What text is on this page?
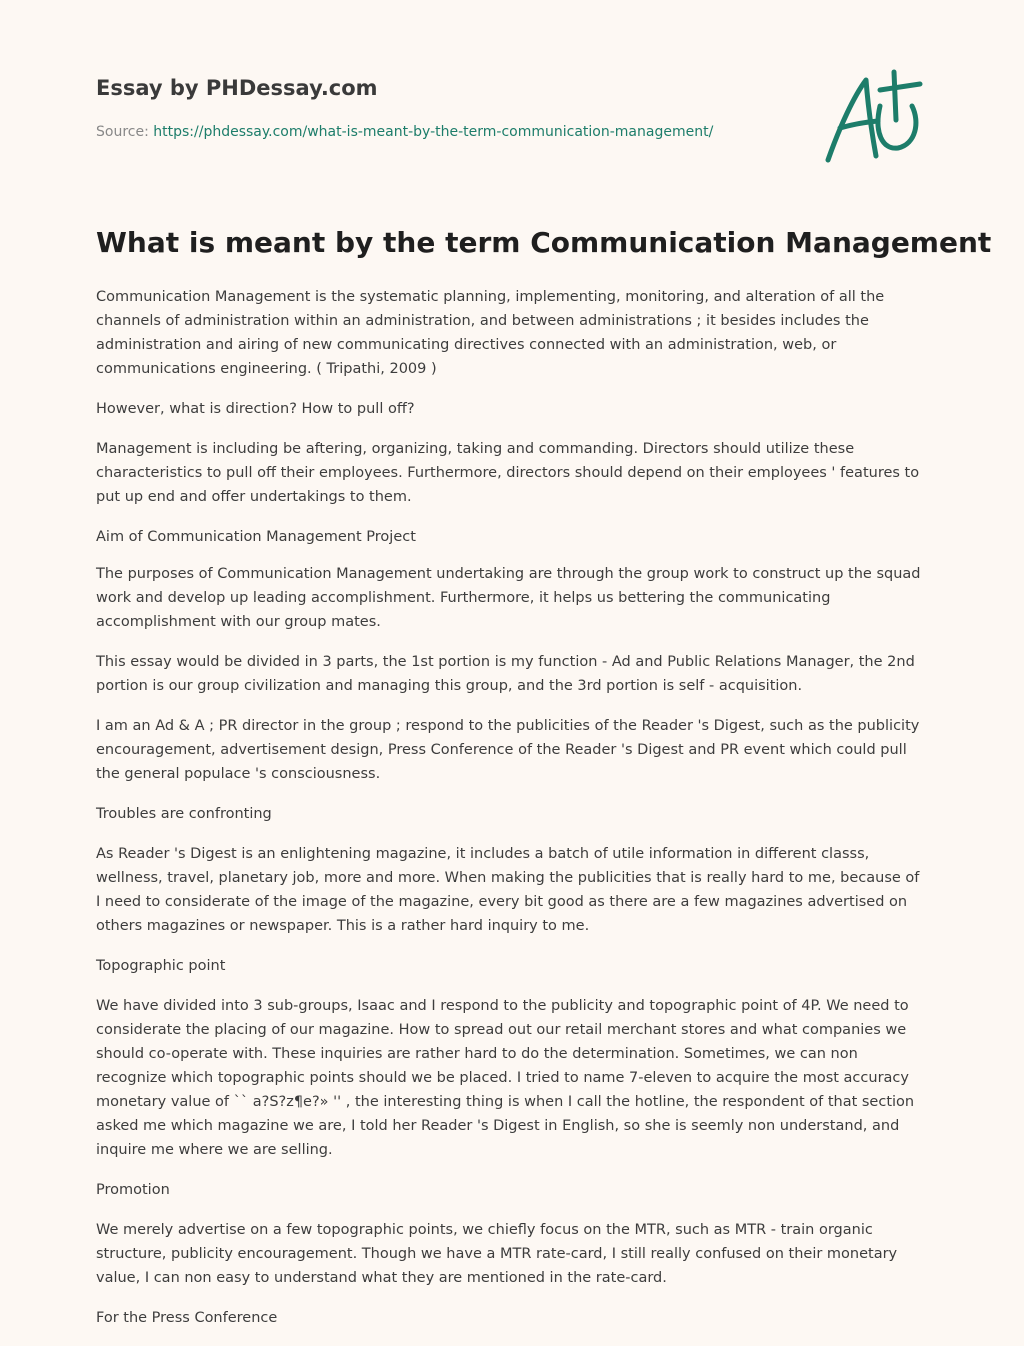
Essay by PHDessay.com
Source: https://phdessay.com/what-is-meant-by-the-term-communication-management/
What is meant by the term Communication Management

Communication Management is the systematic planning, implementing, monitoring, and alteration of all the channels of administration within an administration, and between administrations ; it besides includes the administration and airing of new communicating directives connected with an administration, web, or communications engineering. ( Tripathi, 2009 )

However, what is direction? How to pull off?

Management is including be aftering, organizing, taking and commanding. Directors should utilize these characteristics to pull off their employees. Furthermore, directors should depend on their employees ' features to put up end and offer undertakings to them.

Aim of Communication Management Project

The purposes of Communication Management undertaking are through the group work to construct up the squad work and develop up leading accomplishment. Furthermore, it helps us bettering the communicating accomplishment with our group mates.

This essay would be divided in 3 parts, the 1st portion is my function - Ad and Public Relations Manager, the 2nd portion is our group civilization and managing this group, and the 3rd portion is self - acquisition.

I am an Ad & A ; PR director in the group ; respond to the publicities of the Reader 's Digest, such as the publicity encouragement, advertisement design, Press Conference of the Reader 's Digest and PR event which could pull the general populace 's consciousness.

Troubles are confronting

As Reader 's Digest is an enlightening magazine, it includes a batch of utile information in different classs, wellness, travel, planetary job, more and more. When making the publicities that is really hard to me, because of I need to considerate of the image of the magazine, every bit good as there are a few magazines advertised on others magazines or newspaper. This is a rather hard inquiry to me.

Topographic point

We have divided into 3 sub-groups, Isaac and I respond to the publicity and topographic point of 4P. We need to considerate the placing of our magazine. How to spread out our retail merchant stores and what companies we should co-operate with. These inquiries are rather hard to do the determination. Sometimes, we can non recognize which topographic points should we be placed. I tried to name 7-eleven to acquire the most accuracy monetary value of `` a?S?z¶e?» '' , the interesting thing is when I call the hotline, the respondent of that section asked me which magazine we are, I told her Reader 's Digest in English, so she is seemly non understand, and inquire me where we are selling.

Promotion

We merely advertise on a few topographic points, we chiefly focus on the MTR, such as MTR - train organic structure, publicity encouragement. Though we have a MTR rate-card, I still really confused on their monetary value, I can non easy to understand what they are mentioned in the rate-card.

For the Press Conference
